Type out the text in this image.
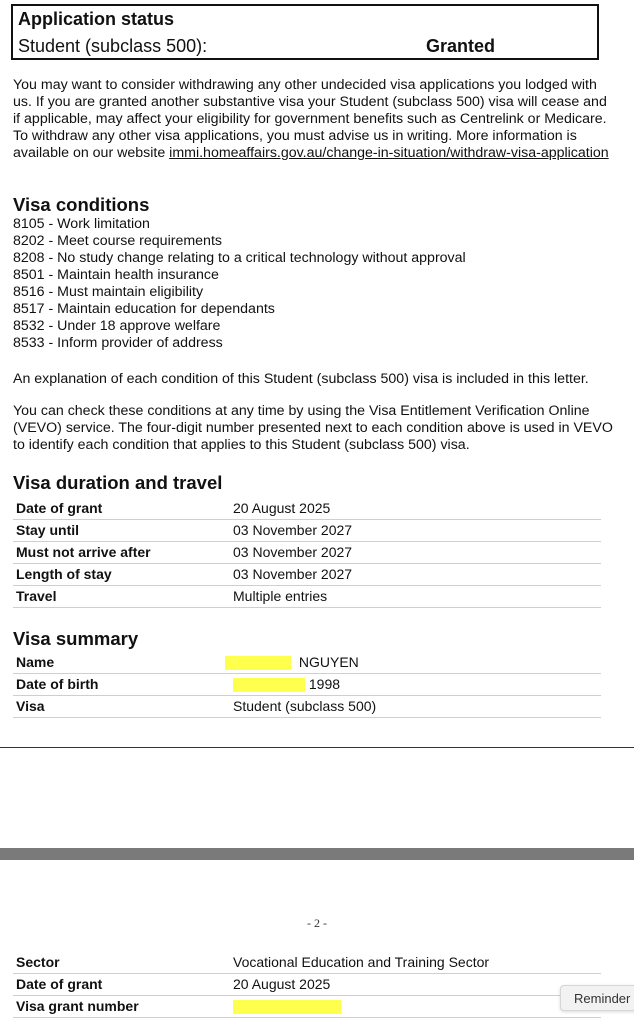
Application status
Student (subclass 500):	Granted
You may want to consider withdrawing any other undecided visa applications you lodged with us. If you are granted another substantive visa your Student (subclass 500) visa will cease and if applicable, may affect your eligibility for government benefits such as Centrelink or Medicare. To withdraw any other visa applications, you must advise us in writing. More information is available on our website immi.homeaffairs.gov.au/change-in-situation/withdraw-visa-application
Visa conditions
8105 - Work limitation
8202 - Meet course requirements
8208 - No study change relating to a critical technology without approval
8501 - Maintain health insurance
8516 - Must maintain eligibility
8517 - Maintain education for dependants
8532 - Under 18 approve welfare
8533 - Inform provider of address
An explanation of each condition of this Student (subclass 500) visa is included in this letter.
You can check these conditions at any time by using the Visa Entitlement Verification Online (VEVO) service. The four-digit number presented next to each condition above is used in VEVO to identify each condition that applies to this Student (subclass 500) visa.
Visa duration and travel
Date of grant	20 August 2025
Stay until	03 November 2027
Must not arrive after	03 November 2027
Length of stay	03 November 2027
Travel	Multiple entries
Visa summary
Name	NGUYEN
Date of birth	1998
Visa	Student (subclass 500)
- 2 -
Sector	Vocational Education and Training Sector
Date of grant	20 August 2025
Visa grant number	Reminder
